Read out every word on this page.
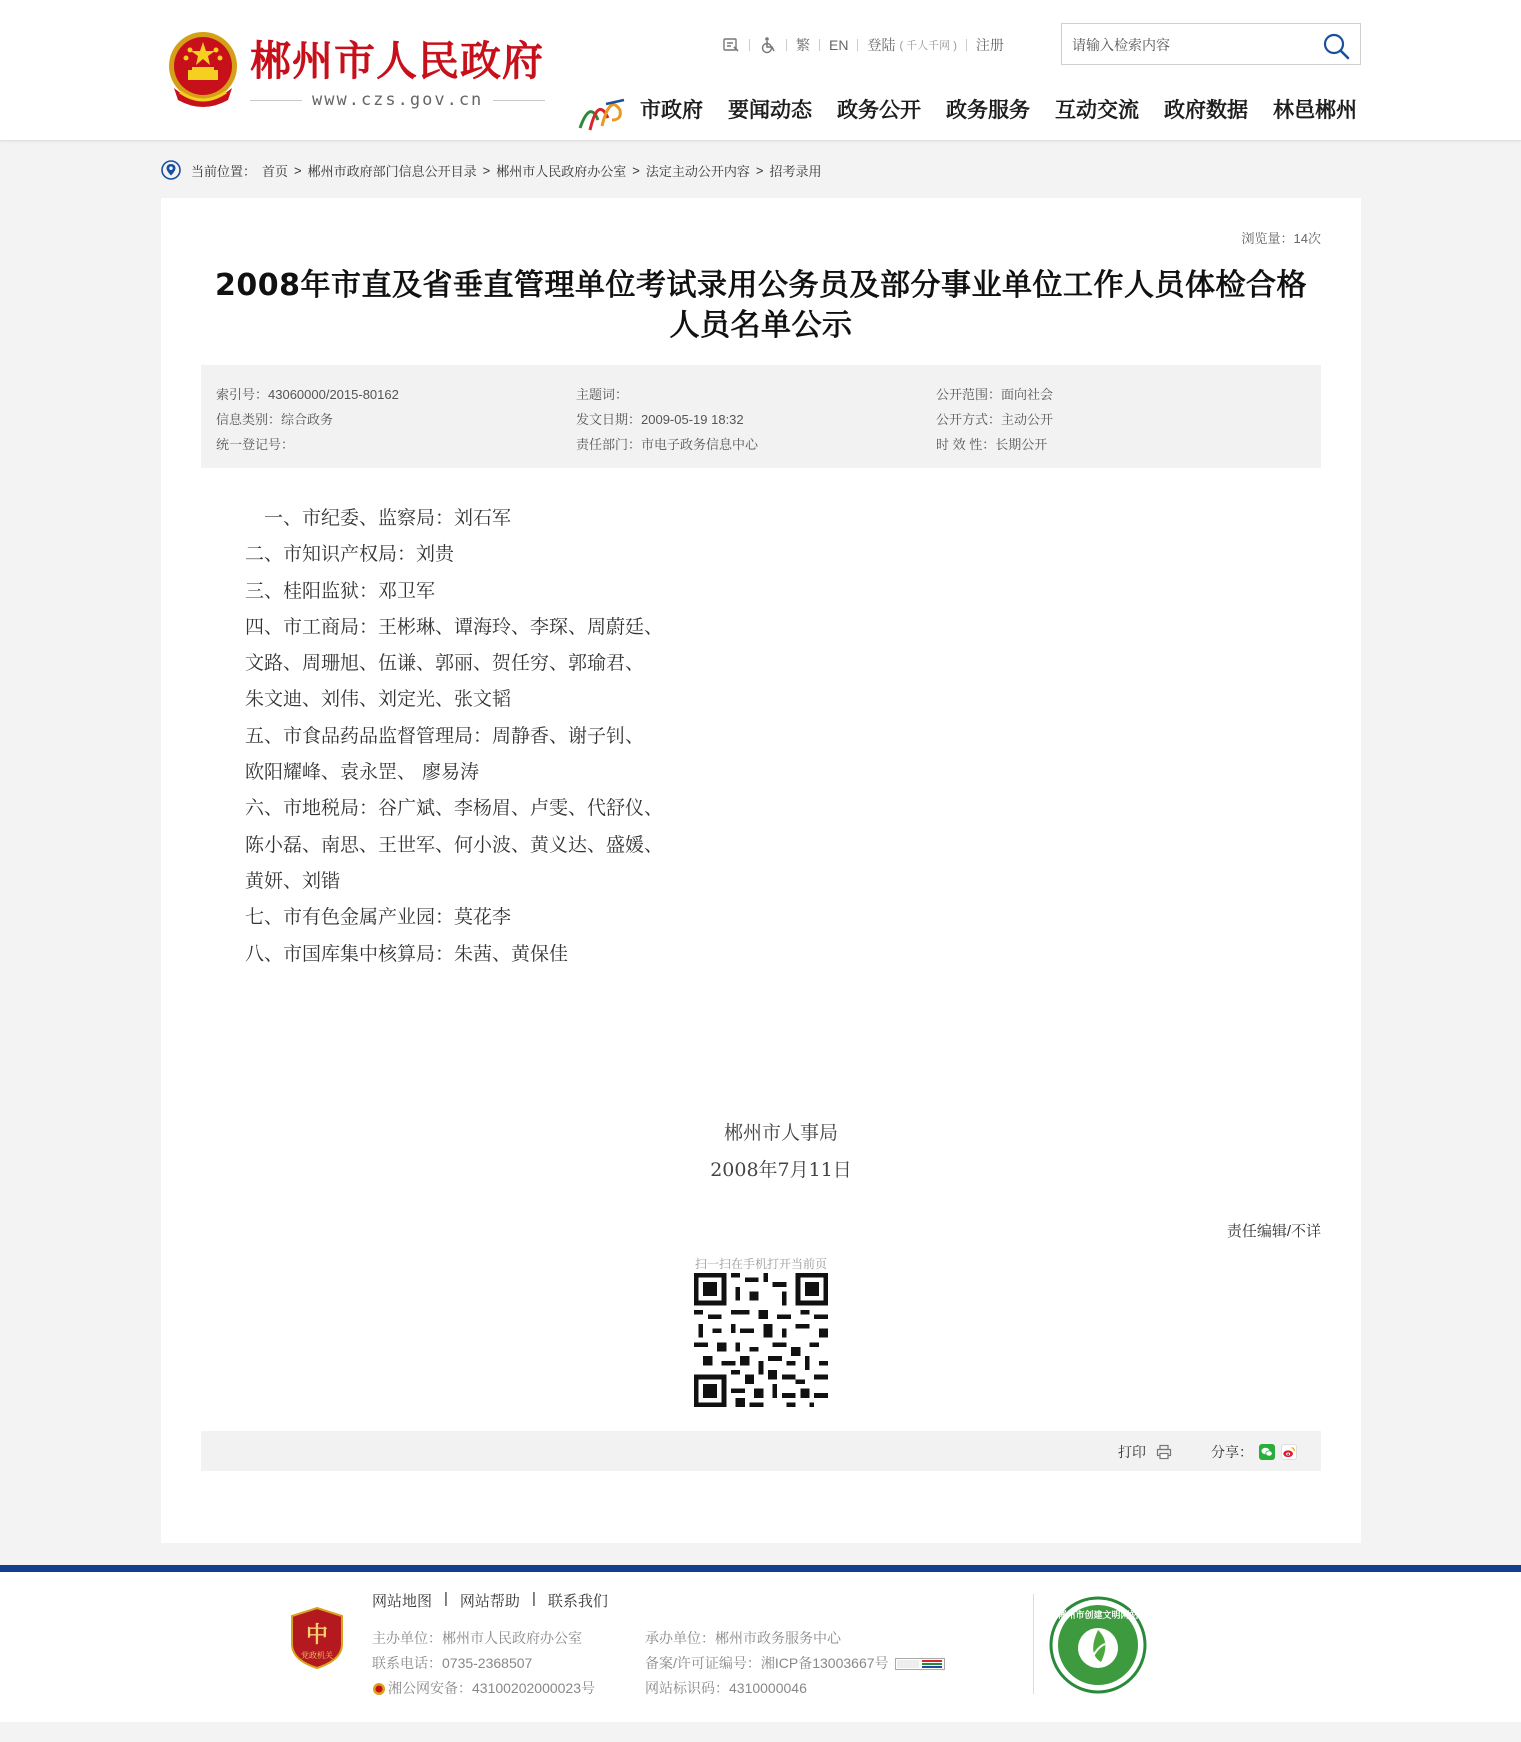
郴州市人民政府
www.czs.gov.cn
繁 EN 登陆 ( 千人千网 ) 注册
请输入检索内容
市政府 要闻动态 政务公开 政务服务 互动交流 政府数据 林邑郴州
当前位置： 首页 > 郴州市政府部门信息公开目录 > 郴州市人民政府办公室 > 法定主动公开内容 > 招考录用
浏览量：14次
2008年市直及省垂直管理单位考试录用公务员及部分事业单位工作人员体检合格人员名单公示
索引号：43060000/2015-80162
信息类别：综合政务
统一登记号：
主题词：
发文日期：2009-05-19 18:32
责任部门：市电子政务信息中心
公开范围：面向社会
公开方式：主动公开
时 效 性：长期公开
一、市纪委、监察局：刘石军
二、市知识产权局：刘贵
三、桂阳监狱：邓卫军
四、市工商局：王彬琳、谭海玲、李琛、周蔚廷、
文路、周珊旭、伍谦、郭丽、贺任穷、郭瑜君、
朱文迪、刘伟、刘定光、张文韬
五、市食品药品监督管理局：周静香、谢子钊、
欧阳耀峰、袁永罡、 廖易涛
六、市地税局：谷广斌、李杨眉、卢雯、代舒仪、
陈小磊、南思、王世军、何小波、黄义达、盛媛、
黄妍、刘锴
七、市有色金属产业园：莫花李
八、市国库集中核算局：朱茜、黄保佳
郴州市人事局
2008年7月11日
责任编辑/不详
扫一扫在手机打开当前页
打印	分享：
中
党政机关
网站地图 | 网站帮助 | 联系我们
主办单位：郴州市人民政府办公室
联系电话：0735-2368507
湘公网安备：43100202000023号
承办单位：郴州市政务服务中心
备案/许可证编号：湘ICP备13003667号
网站标识码：4310000046
郴州市创建文明网站
